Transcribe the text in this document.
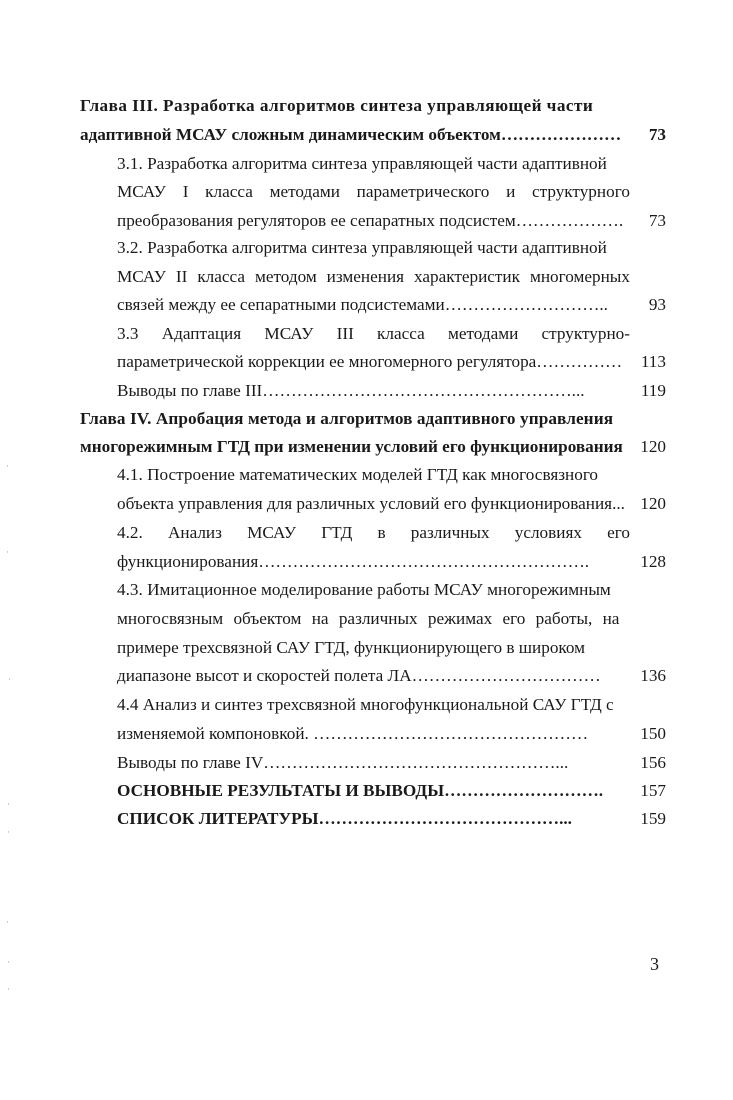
Глава III. Разработка алгоритмов синтеза управляющей части
адаптивной МСАУ сложным динамическим объектом…………………	73
3.1. Разработка алгоритма синтеза управляющей части адаптивной
МСАУ I класса методами параметрического и структурного
преобразования регуляторов ее сепаратных подсистем……………….	73
3.2. Разработка алгоритма синтеза управляющей части адаптивной
МСАУ II класса методом изменения характеристик многомерных
связей между ее сепаратными подсистемами………………………..	93
3.3 Адаптация МСАУ III класса методами структурно-
параметрической коррекции ее многомерного регулятора……………	113
Выводы по главе III………………………………………………...	119
Глава IV. Апробация метода и алгоритмов адаптивного управления
многорежимным ГТД при изменении условий его функционирования	120
4.1. Построение математических моделей ГТД как многосвязного
объекта управления для различных условий его функционирования... 120
4.2. Анализ МСАУ ГТД в различных условиях его
функционирования………………………………………………….	128
4.3. Имитационное моделирование работы МСАУ многорежимным
многосвязным объектом на различных режимах его работы, на
примере трехсвязной САУ ГТД, функционирующего в широком
диапазоне высот и скоростей полета ЛА……………………………	136
4.4 Анализ и синтез трехсвязной многофункциональной САУ ГТД с
изменяемой компоновкой. …………………………………………	150
Выводы по главе IV……………………………………………...	156
ОСНОВНЫЕ РЕЗУЛЬТАТЫ И ВЫВОДЫ……………………….	157
СПИСОК ЛИТЕРАТУРЫ……………………………………...	159
3
·
·
·
·
·
·
·
·
